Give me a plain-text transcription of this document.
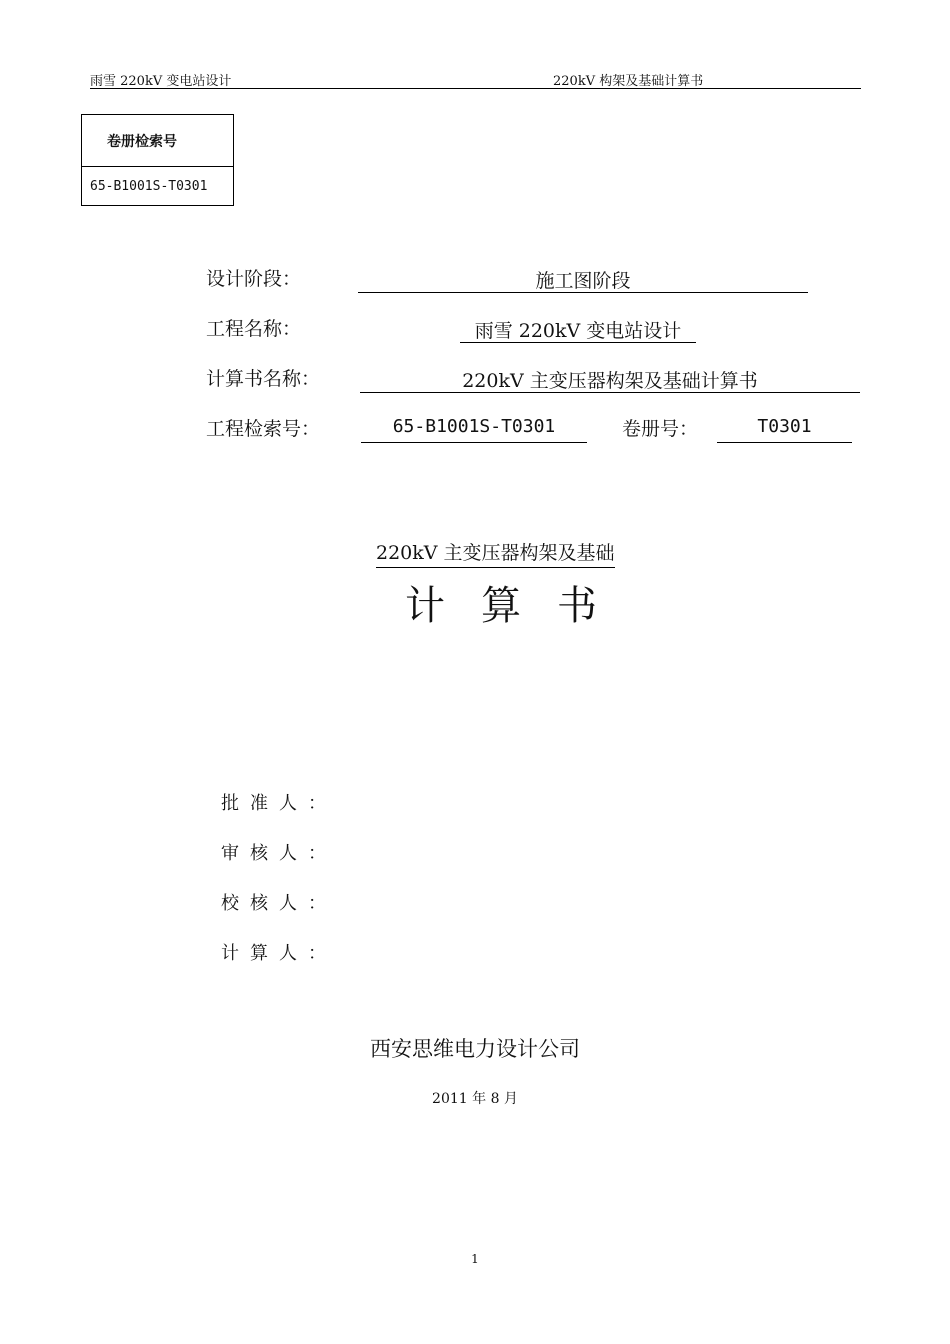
雨雪 220kV 变电站设计	220kV 构架及基础计算书
卷册检索号
65-B1001S-T0301
设计阶段：	施工图阶段
工程名称：	雨雪 220kV 变电站设计
计算书名称：	220kV 主变压器构架及基础计算书
工程检索号：	65-B1001S-T0301	卷册号：	T0301
220kV 主变压器构架及基础
计算书
批准人：
审核人：
校核人：
计算人：
西安思维电力设计公司
2011 年 8 月
1
